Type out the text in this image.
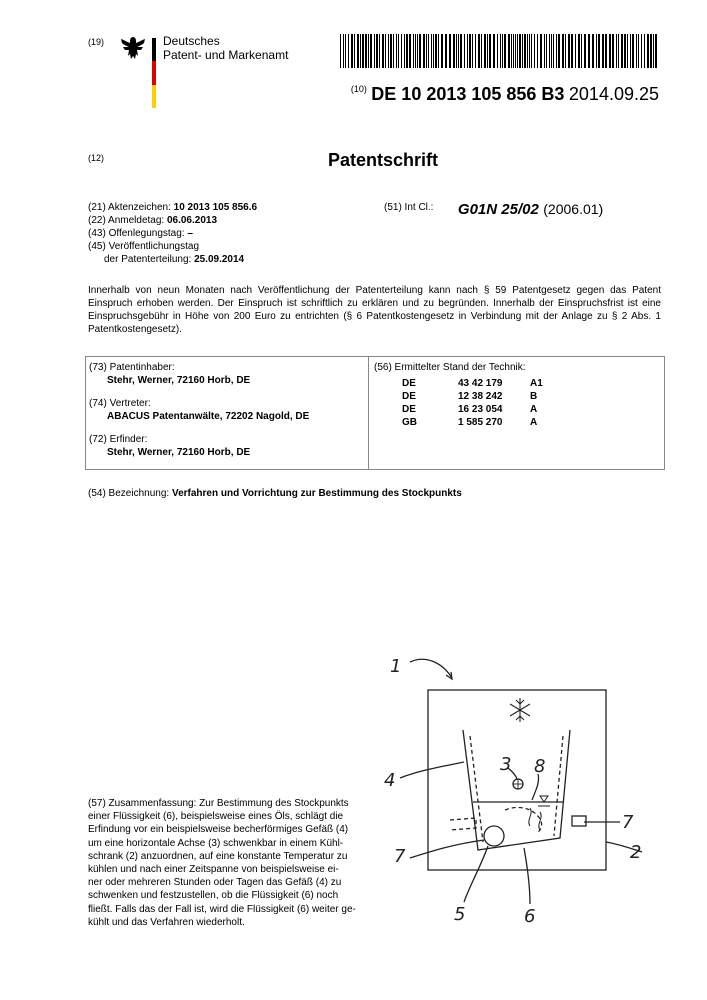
(19)	Deutsches
Patent- und Markenamt
$^{(10)}$ DE 10 2013 105 856 B3 2014.09.25
(12)	Patentschrift
(21) Aktenzeichen: 10 2013 105 856.6
(22) Anmeldetag: 06.06.2013
(43) Offenlegungstag: –
(45) Veröffentlichungstag
der Patenterteilung: 25.09.2014
$^{(51) Int Cl.:}$ G01N 25/02 (2006.01)
Innerhalb von neun Monaten nach Veröffentlichung der Patenterteilung kann nach § 59 Patentgesetz gegen das Patent Einspruch erhoben werden. Der Einspruch ist schriftlich zu erklären und zu begründen. Innerhalb der Einspruchsfrist ist eine Einspruchsgebühr in Höhe von 200 Euro zu entrichten (§ 6 Patentkostengesetz in Verbindung mit der Anlage zu § 2 Abs. 1 Patentkostengesetz).
(73) Patentinhaber:
Stehr, Werner, 72160 Horb, DE
(74) Vertreter:
ABACUS Patentanwälte, 72202 Nagold, DE
(72) Erfinder:
Stehr, Werner, 72160 Horb, DE
(56) Ermittelter Stand der Technik:
DE	43 42 179	A1
DE	12 38 242	B
DE	16 23 054	A
GB	1 585 270	A
(54) Bezeichnung: Verfahren und Vorrichtung zur Bestimmung des Stockpunkts
(57) Zusammenfassung: Zur Bestimmung des Stockpunkts
einer Flüssigkeit (6), beispielsweise eines Öls, schlägt die
Erfindung vor ein beispielsweise becherförmiges Gefäß (4)
um eine horizontale Achse (3) schwenkbar in einem Kühl-
schrank (2) anzuordnen, auf eine konstante Temperatur zu
kühlen und nach einer Zeitspanne von beispielsweise ei-
ner oder mehreren Stunden oder Tagen das Gefäß (4) zu
schwenken und festzustellen, ob die Flüssigkeit (6) noch
fließt. Falls das der Fall ist, wird die Flüssigkeit (6) weiter ge-
kühlt und das Verfahren wiederholt.
1
4
3 8
7
7	2
5	6
